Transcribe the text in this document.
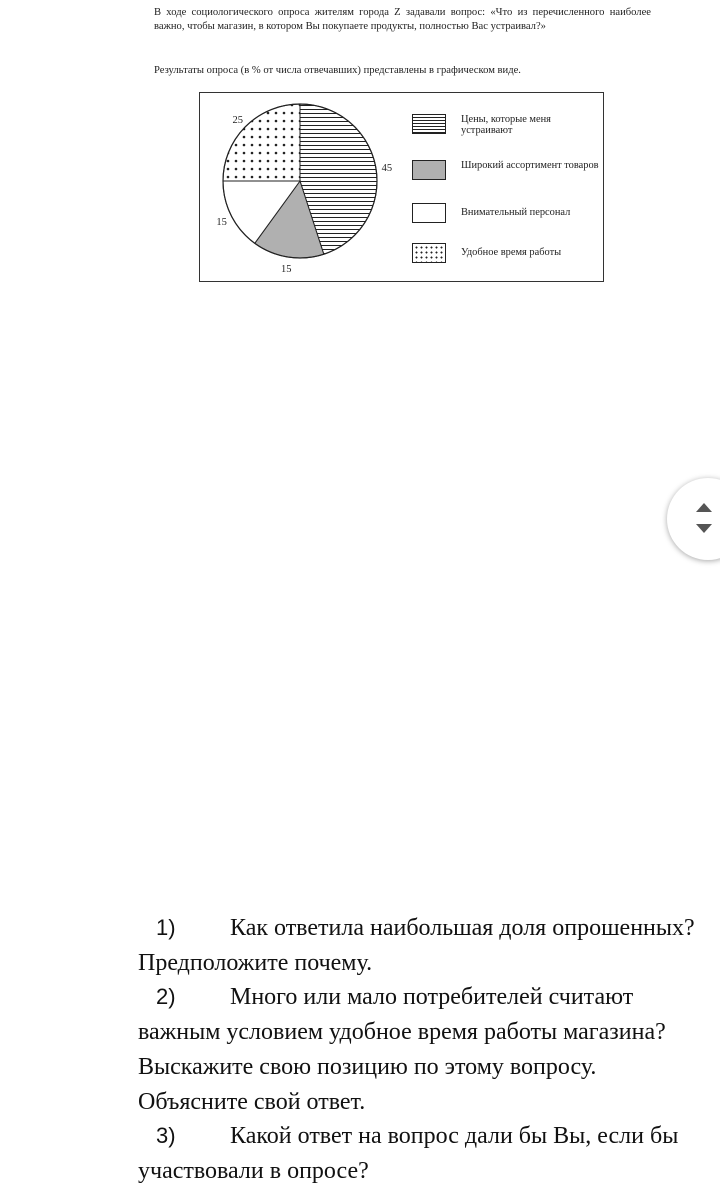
В ходе социологического опроса жителям города Z задавали вопрос: «Что из перечисленного наиболее важно, чтобы магазин, в котором Вы покупаете продукты, полностью Вас устраивал?»
Результаты опроса (в % от числа отвечавших) представлены в графическом виде.
45
15
15
25	Цены, которые меня устраивают
Широкий ассортимент товаров
Внимательный персонал
Удобное время работы

1) Как ответила наибольшая доля опрошенных? Предположите почему.

2) Много или мало потребителей считают важным условием удобное время работы магазина? Выскажите свою позицию по этому вопросу. Объясните свой ответ.

3) Какой ответ на вопрос дали бы Вы, если бы участвовали в опросе?
